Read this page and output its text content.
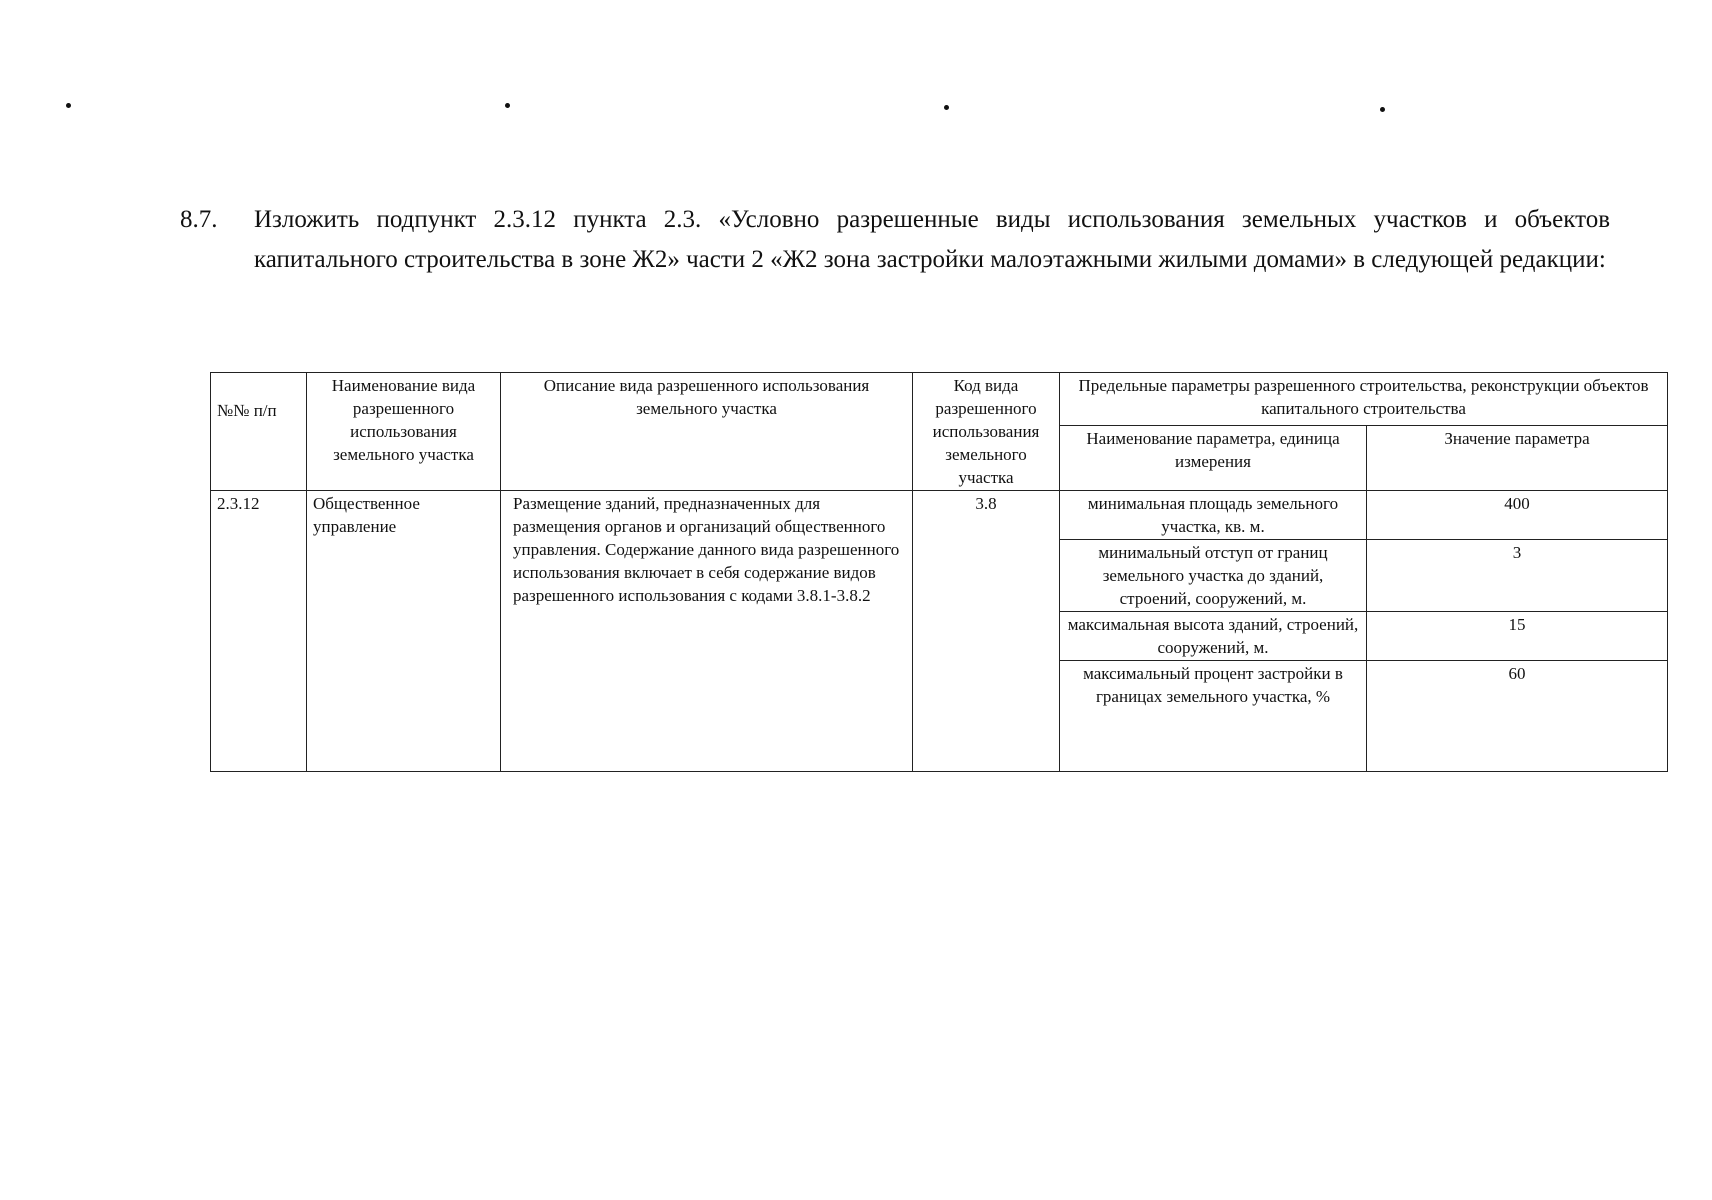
8.7. Изложить подпункт 2.3.12 пункта 2.3. «Условно разрешенные виды использования земельных участков и объектов капитального строительства в зоне Ж2» части 2 «Ж2 зона застройки малоэтажными жилыми домами» в следующей редакции:
№№ п/п	Наименование вида разрешенного использования земельного участка	Описание вида разрешенного использования земельного участка	Код вида разрешенного использования земельного участка	Предельные параметры разрешенного строительства, реконструкции объектов капитального строительства	
				Наименование параметра, единица измерения	Значение параметра
2.3.12	Общественное управление	Размещение зданий, предназначенных для размещения органов и организаций общественного управления. Содержание данного вида разрешенного использования включает в себя содержание видов разрешенного использования с кодами 3.8.1-3.8.2	3.8	минимальная площадь земельного участка, кв. м.	400
				минимальный отступ от границ земельного участка до зданий, строений, сооружений, м.	3
				максимальная высота зданий, строений, сооружений, м.	15
				максимальный процент застройки в границах земельного участка, %	60
